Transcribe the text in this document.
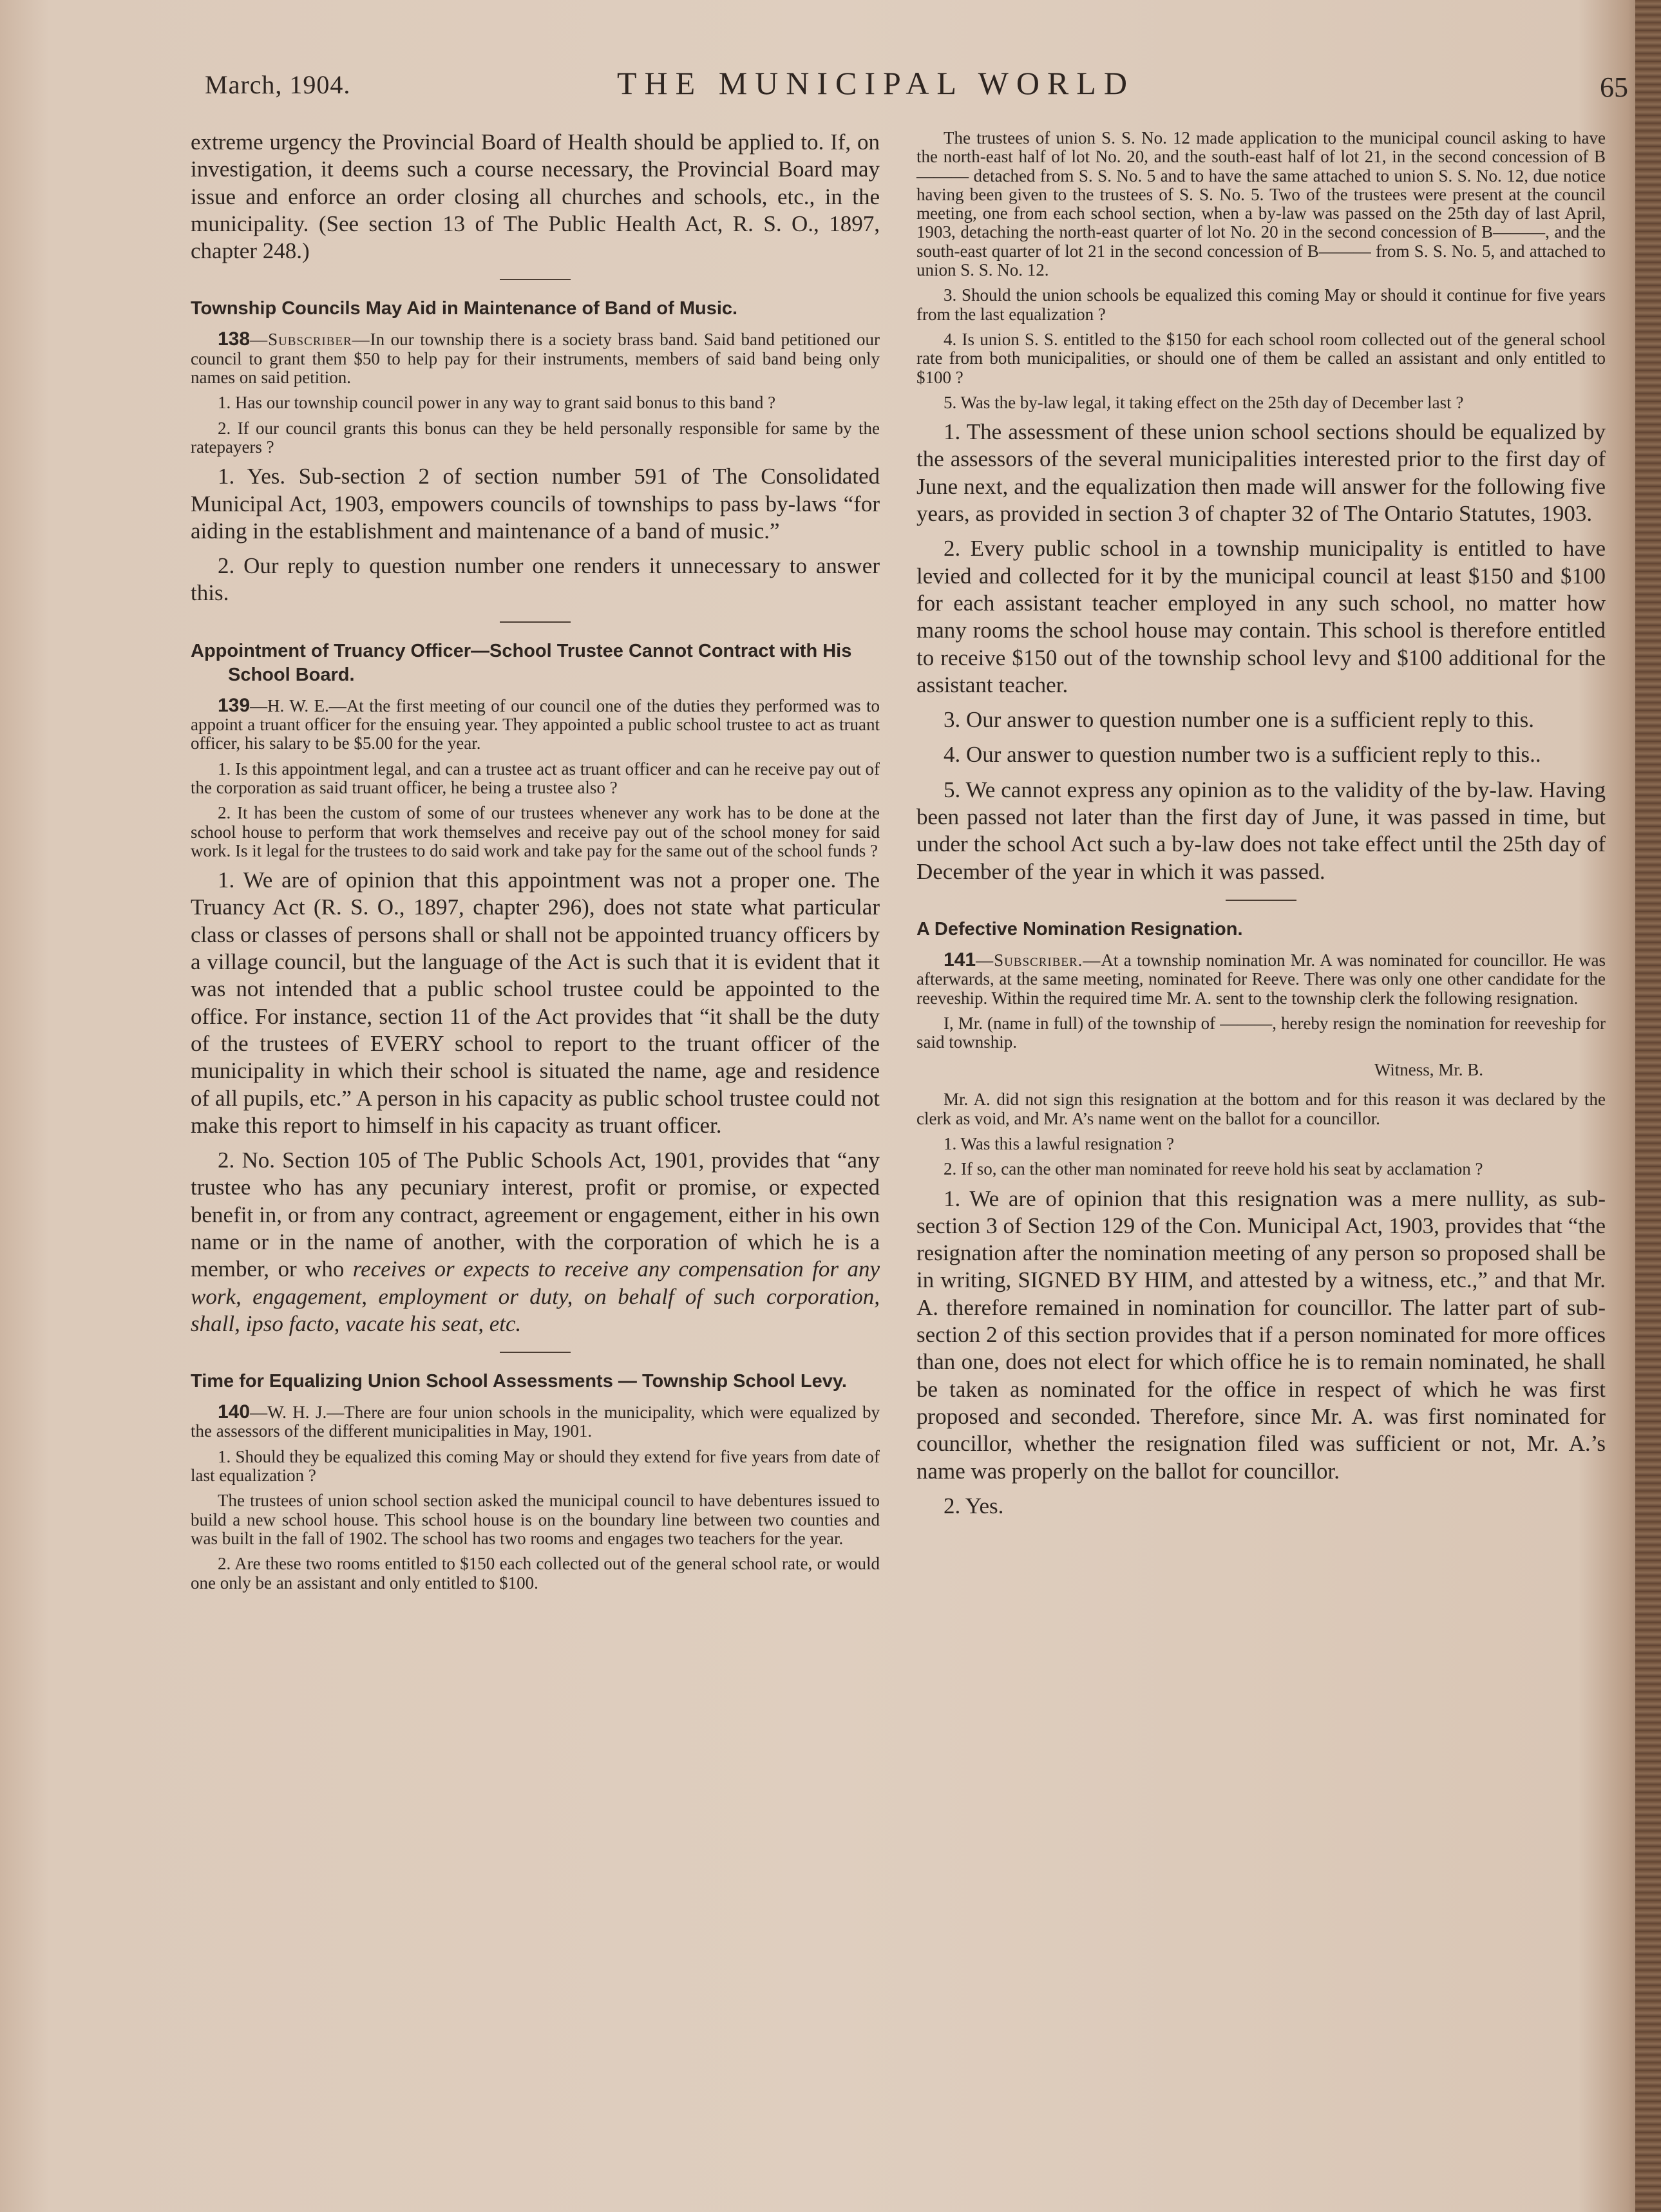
March, 1904.	THE MUNICIPAL WORLD	65

extreme urgency the Provincial Board of Health should be applied to. If, on investigation, it deems such a course necessary, the Provincial Board may issue and enforce an order closing all churches and schools, etc., in the municipality. (See section 13 of The Public Health Act, R. S. O., 1897, chapter 248.)

Township Councils May Aid in Maintenance of Band of Music.

138—Subscriber—In our township there is a society brass band. Said band petitioned our council to grant them $50 to help pay for their instruments, members of said band being only names on said petition.

1. Has our township council power in any way to grant said bonus to this band ?

2. If our council grants this bonus can they be held personally responsible for same by the ratepayers ?

1. Yes. Sub-section 2 of section number 591 of The Consolidated Municipal Act, 1903, empowers councils of townships to pass by-laws “for aiding in the establishment and maintenance of a band of music.”

2. Our reply to question number one renders it unnecessary to answer this.

Appointment of Truancy Officer—School Trustee Cannot Contract with His School Board.

139—H. W. E.—At the first meeting of our council one of the duties they performed was to appoint a truant officer for the ensuing year. They appointed a public school trustee to act as truant officer, his salary to be $5.00 for the year.

1. Is this appointment legal, and can a trustee act as truant officer and can he receive pay out of the corporation as said truant officer, he being a trustee also ?

2. It has been the custom of some of our trustees whenever any work has to be done at the school house to perform that work themselves and receive pay out of the school money for said work. Is it legal for the trustees to do said work and take pay for the same out of the school funds ?

1. We are of opinion that this appointment was not a proper one. The Truancy Act (R. S. O., 1897, chapter 296), does not state what particular class or classes of persons shall or shall not be appointed truancy officers by a village council, but the language of the Act is such that it is evident that it was not intended that a public school trustee could be appointed to the office. For instance, section 11 of the Act provides that “it shall be the duty of the trustees of EVERY school to report to the truant officer of the municipality in which their school is situated the name, age and residence of all pupils, etc.” A person in his capacity as public school trustee could not make this report to himself in his capacity as truant officer.

2. No. Section 105 of The Public Schools Act, 1901, provides that “any trustee who has any pecuniary interest, profit or promise, or expected benefit in, or from any contract, agreement or engagement, either in his own name or in the name of another, with the corporation of which he is a member, or who receives or expects to receive any compensation for any work, engagement, employment or duty, on behalf of such corporation, shall, ipso facto, vacate his seat, etc.

Time for Equalizing Union School Assessments — Township School Levy.

140—W. H. J.—There are four union schools in the municipality, which were equalized by the assessors of the different municipalities in May, 1901.

1. Should they be equalized this coming May or should they extend for five years from date of last equalization ?

The trustees of union school section asked the municipal council to have debentures issued to build a new school house. This school house is on the boundary line between two counties and was built in the fall of 1902. The school has two rooms and engages two teachers for the year.

2. Are these two rooms entitled to $150 each collected out of the general school rate, or would one only be an assistant and only entitled to $100.

The trustees of union S. S. No. 12 made application to the municipal council asking to have the north-east half of lot No. 20, and the south-east half of lot 21, in the second concession of B——— detached from S. S. No. 5 and to have the same attached to union S. S. No. 12, due notice having been given to the trustees of S. S. No. 5. Two of the trustees were present at the council meeting, one from each school section, when a by-law was passed on the 25th day of last April, 1903, detaching the north-east quarter of lot No. 20 in the second concession of B———, and the south-east quarter of lot 21 in the second concession of B——— from S. S. No. 5, and attached to union S. S. No. 12.

3. Should the union schools be equalized this coming May or should it continue for five years from the last equalization ?

4. Is union S. S. entitled to the $150 for each school room collected out of the general school rate from both municipalities, or should one of them be called an assistant and only entitled to $100 ?

5. Was the by-law legal, it taking effect on the 25th day of December last ?

1. The assessment of these union school sections should be equalized by the assessors of the several municipalities interested prior to the first day of June next, and the equalization then made will answer for the following five years, as provided in section 3 of chapter 32 of The Ontario Statutes, 1903.

2. Every public school in a township municipality is entitled to have levied and collected for it by the municipal council at least $150 and $100 for each assistant teacher employed in any such school, no matter how many rooms the school house may contain. This school is therefore entitled to receive $150 out of the township school levy and $100 additional for the assistant teacher.

3. Our answer to question number one is a sufficient reply to this.

4. Our answer to question number two is a sufficient reply to this..

5. We cannot express any opinion as to the validity of the by-law. Having been passed not later than the first day of June, it was passed in time, but under the school Act such a by-law does not take effect until the 25th day of December of the year in which it was passed.

A Defective Nomination Resignation.

141—Subscriber.—At a township nomination Mr. A was nominated for councillor. He was afterwards, at the same meeting, nominated for Reeve. There was only one other candidate for the reeveship. Within the required time Mr. A. sent to the township clerk the following resignation.

I, Mr. (name in full) of the township of ———, hereby resign the nomination for reeveship for said township.

Witness, Mr. B.

Mr. A. did not sign this resignation at the bottom and for this reason it was declared by the clerk as void, and Mr. A’s name went on the ballot for a councillor.

1. Was this a lawful resignation ?

2. If so, can the other man nominated for reeve hold his seat by acclamation ?

1. We are of opinion that this resignation was a mere nullity, as sub-section 3 of Section 129 of the Con. Municipal Act, 1903, provides that “the resignation after the nomination meeting of any person so proposed shall be in writing, SIGNED BY HIM, and attested by a witness, etc.,” and that Mr. A. therefore remained in nomination for councillor. The latter part of sub-section 2 of this section provides that if a person nominated for more offices than one, does not elect for which office he is to remain nominated, he shall be taken as nominated for the office in respect of which he was first proposed and seconded. Therefore, since Mr. A. was first nominated for councillor, whether the resignation filed was sufficient or not, Mr. A.’s name was properly on the ballot for councillor.

2. Yes.
